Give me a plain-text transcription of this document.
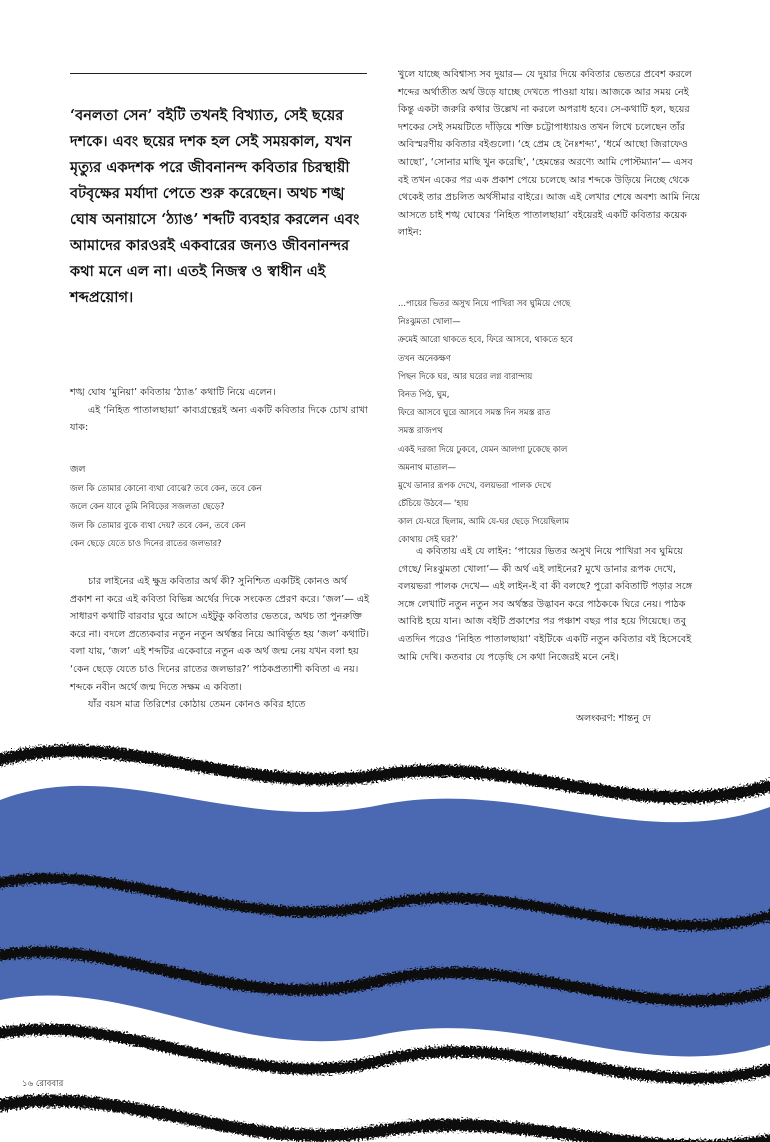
‘বনলতা সেন’ বইটি তখনই বিখ্যাত, সেই ছয়ের দশকে। এবং ছয়ের দশক হল সেই সময়কাল, যখন মৃত্যুর একদশক পরে জীবনানন্দ কবিতার চিরস্থায়ী বটবৃক্ষের মর্যাদা পেতে শুরু করেছেন। অথচ শঙ্খ ঘোষ অনায়াসে ‘ঠ্যাঙ’ শব্দটি ব্যবহার করলেন এবং আমাদের কারওরই একবারের জন্যও জীবনানন্দর কথা মনে এল না। এতই নিজস্ব ও স্বাধীন এই শব্দপ্রয়োগ।

শঙ্খ ঘোষ ‘মুনিয়া’ কবিতায় ‘ঠ্যাঙ’ কথাটি নিয়ে এলেন।

এই ‘নিহিত পাতালছায়া’ কাব্যগ্রন্থেরই অন্য একটি কবিতার দিকে চোখ রাখা যাক:

জল
জল কি তোমার কোনো ব্যথা বোঝে? তবে কেন, তবে কেন
জলে কেন যাবে তুমি নিবিড়ের সজলতা ছেড়ে?
জল কি তোমার বুকে ব্যথা দেয়? তবে কেন, তবে কেন
কেন ছেড়ে যেতে চাও দিনের রাতের জলভার?

চার লাইনের এই ক্ষুদ্র কবিতার অর্থ কী? সুনিশ্চিত একটিই কোনও অর্থ প্রকাশ না করে এই কবিতা বিভিন্ন অর্থের দিকে সংকেত প্রেরণ করে। ‘জল’— এই সাধারণ কথাটি বারবার ঘুরে আসে এইটুকু কবিতার ভেতরে, অথচ তা পুনরুক্তি করে না। বদলে প্রত্যেকবার নতুন নতুন অর্থস্তর নিয়ে আবির্ভূত হয় ‘জল’ কথাটি। বলা যায়, ‘জল’ এই শব্দটির একেবারে নতুন এক অর্থ জন্ম নেয় যখন বলা হয় ‘কেন ছেড়ে যেতে চাও দিনের রাতের জলভার?’ পাঠকপ্রত্যাশী কবিতা এ নয়। শব্দকে নবীন অর্থে জন্ম দিতে সক্ষম এ কবিতা।

যাঁর বয়স মাত্র তিরিশের কোঠায় তেমন কোনও কবির হাতে

খুলে যাচ্ছে অবিশ্বাস্য সব দুয়ার— যে দুয়ার দিয়ে কবিতার ভেতরে প্রবেশ করলে শব্দের অর্থাতীত অর্থ উড়ে যাচ্ছে দেখতে পাওয়া যায়। আজকে আর সময় নেই কিন্তু একটা জরুরি কথার উল্লেখ না করলে অপরাধ হবে। সে-কথাটি হল, ছয়ের দশকের সেই সময়টিতে দাঁড়িয়ে শক্তি চট্টোপাধ্যায়ও তখন লিখে চলেছেন তাঁর অবিস্মরণীয় কবিতার বইগুলো। ‘হে প্রেম হে নৈঃশব্দ্য’, ‘ধর্মে আছো জিরাফেও আছো’, ‘সোনার মাছি খুন করেছি’, ‘হেমন্তের অরণ্যে আমি পোস্টম্যান’— এসব বই তখন একের পর এক প্রকাশ পেয়ে চলেছে আর শব্দকে উড়িয়ে নিচ্ছে থেকে থেকেই তার প্রচলিত অর্থসীমার বাইরে। আজ এই লেখার শেষে অবশ্য আমি নিয়ে আসতে চাই শঙ্খ ঘোষের ‘নিহিত পাতালছায়া’ বইয়েরই একটি কবিতার কয়েক লাইন:

...পায়ের ভিতর অসুখ নিয়ে পাখিরা সব ঘুমিয়ে গেছে
নিঃঝুমতা খোলা—
ক্রমেই আরো থাকতে হবে, ফিরে আসবে, থাকতে হবে
তখন অনেকক্ষণ
পিছন দিকে ঘর, আর ঘরের লগ্ন বারান্দায়
বিনত পিঠ, ঘুম,
ফিরে আসবে ঘুরে আসবে সমস্ত দিন সমস্ত রাত
সমস্ত রাজপথ
একই দরজা দিয়ে ঢুকবে, যেমন আলগা ঢুকেছে কাল
অমনাথ মাতাল—
মুখে ডানার রূপক দেখে, বলয়ভরা পালক দেখে
চেঁচিয়ে উঠবে— ‘হায়
কাল যে-ঘরে ছিলাম, আমি যে-ঘর ছেড়ে গিয়েছিলাম
কোথায় সেই ঘর?’

এ কবিতায় এই যে লাইন: ‘পায়ের ভিতর অসুখ নিয়ে পাখিরা সব ঘুমিয়ে গেছে/ নিঃঝুমতা খোলা’— কী অর্থ এই লাইনের? মুখে ডানার রূপক দেখে, বলয়ভরা পালক দেখে— এই লাইন-ই বা কী বলছে? পুরো কবিতাটি পড়ার সঙ্গে সঙ্গে লেখাটি নতুন নতুন সব অর্থস্তর উদ্ভাবন করে পাঠককে ঘিরে নেয়। পাঠক আবিষ্ট হয়ে যান। আজ বইটি প্রকাশের পর পঞ্চাশ বছর পার হয়ে গিয়েছে। তবু এতদিন পরেও ‘নিহিত পাতালছায়া’ বইটিকে একটি নতুন কবিতার বই হিসেবেই আমি দেখি। কতবার যে পড়েছি সে কথা নিজেরই মনে নেই।

অলংকরণ: শান্তনু দে
১৬ রোববার
